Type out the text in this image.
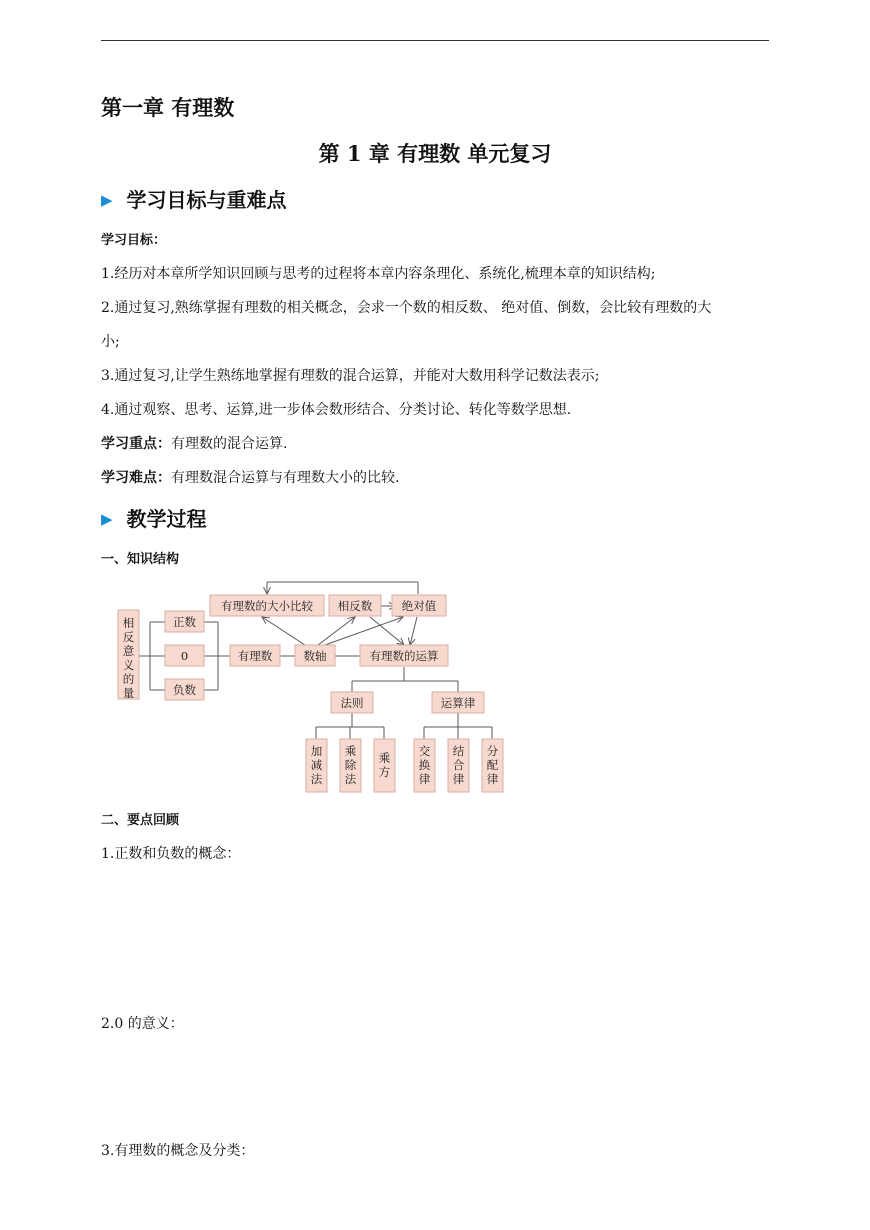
第一章 有理数
第 1 章 有理数 单元复习
▶ 学习目标与重难点
学习目标：
1.经历对本章所学知识回顾与思考的过程将本章内容条理化、系统化,梳理本章的知识结构;
2.通过复习,熟练掌握有理数的相关概念，会求一个数的相反数、 绝对值、倒数，会比较有理数的大
小;
3.通过复习,让学生熟练地掌握有理数的混合运算，并能对大数用科学记数法表示;
4.通过观察、思考、运算,进一步体会数形结合、分类讨论、转化等数学思想.
学习重点：有理数的混合运算.
学习难点：有理数混合运算与有理数大小的比较.
▶ 教学过程
一、知识结构
相
反
意
义
的
量
正数
0
负数
有理数	数轴
有理数的大小比较 相反数	绝对值
有理数的运算
法则	运算律
加
减
法
乘
除
法
乘
方
交
换
律
结
合
律
分
配
律
二、要点回顾
1.正数和负数的概念：
2.0 的意义：
3.有理数的概念及分类：
